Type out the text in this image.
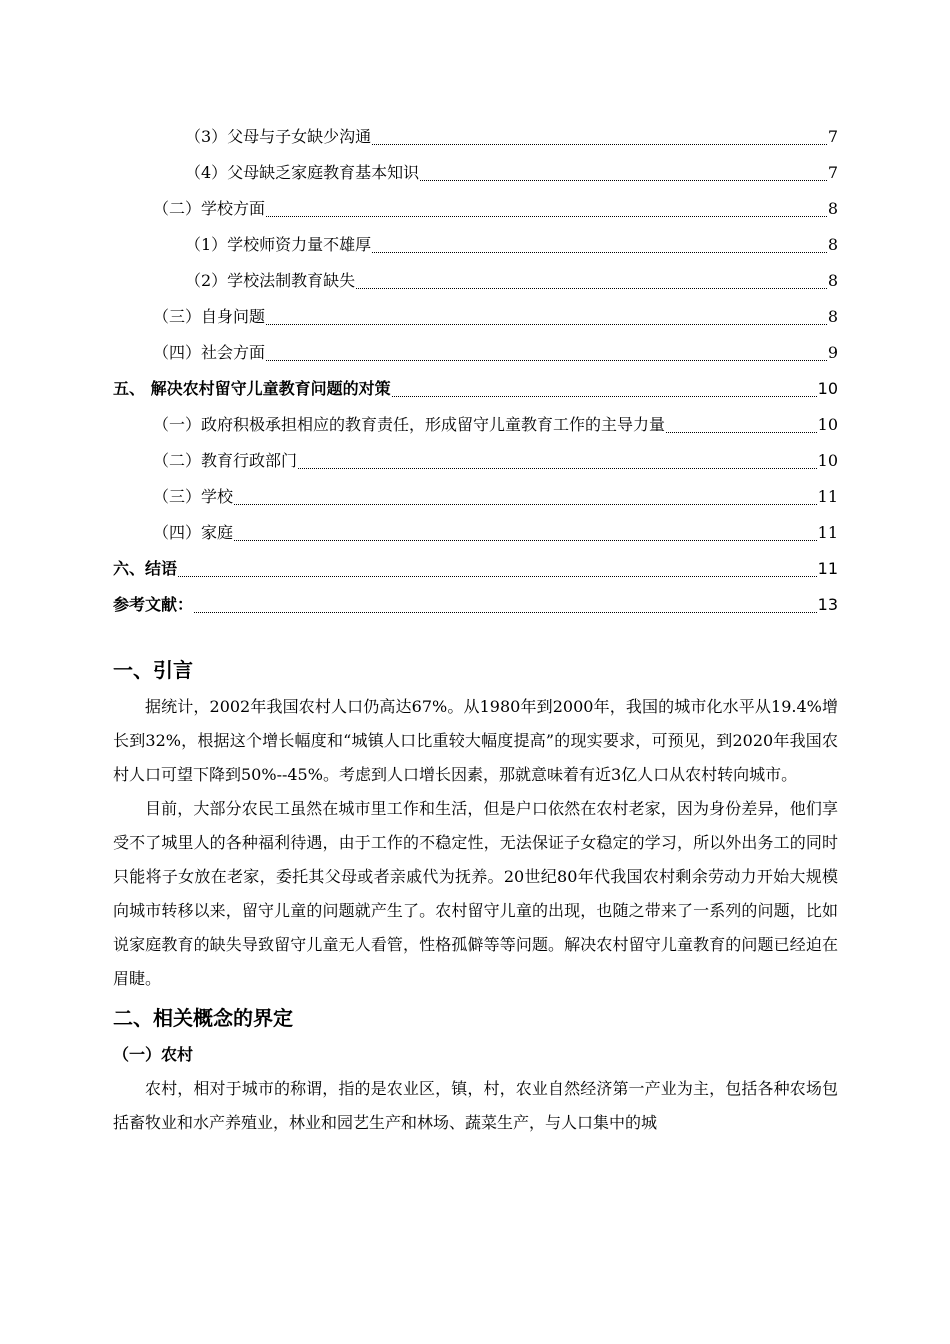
（3）父母与子女缺少沟通	7
（4）父母缺乏家庭教育基本知识	7
（二）学校方面	8
（1）学校师资力量不雄厚	8
（2）学校法制教育缺失	8
（三）自身问题	8
（四）社会方面	9
五、 解决农村留守儿童教育问题的对策	10
（一）政府积极承担相应的教育责任，形成留守儿童教育工作的主导力量	10
（二）教育行政部门	10
（三）学校	11
（四）家庭	11
六、结语	11
参考文献：	13
一、引言

据统计，2002年我国农村人口仍高达67%。从1980年到2000年，我国的城市化水平从19.4%增长到32%，根据这个增长幅度和“城镇人口比重较大幅度提高”的现实要求，可预见，到2020年我国农村人口可望下降到50%--45%。考虑到人口增长因素，那就意味着有近3亿人口从农村转向城市。

目前，大部分农民工虽然在城市里工作和生活，但是户口依然在农村老家，因为身份差异，他们享受不了城里人的各种福利待遇，由于工作的不稳定性，无法保证子女稳定的学习，所以外出务工的同时只能将子女放在老家，委托其父母或者亲戚代为抚养。20世纪80年代我国农村剩余劳动力开始大规模向城市转移以来，留守儿童的问题就产生了。农村留守儿童的出现，也随之带来了一系列的问题，比如说家庭教育的缺失导致留守儿童无人看管，性格孤僻等等问题。解决农村留守儿童教育的问题已经迫在眉睫。

二、相关概念的界定
（一）农村

农村，相对于城市的称谓，指的是农业区，镇，村，农业自然经济第一产业为主，包括各种农场包括畜牧业和水产养殖业，林业和园艺生产和林场、蔬菜生产，与人口集中的城
